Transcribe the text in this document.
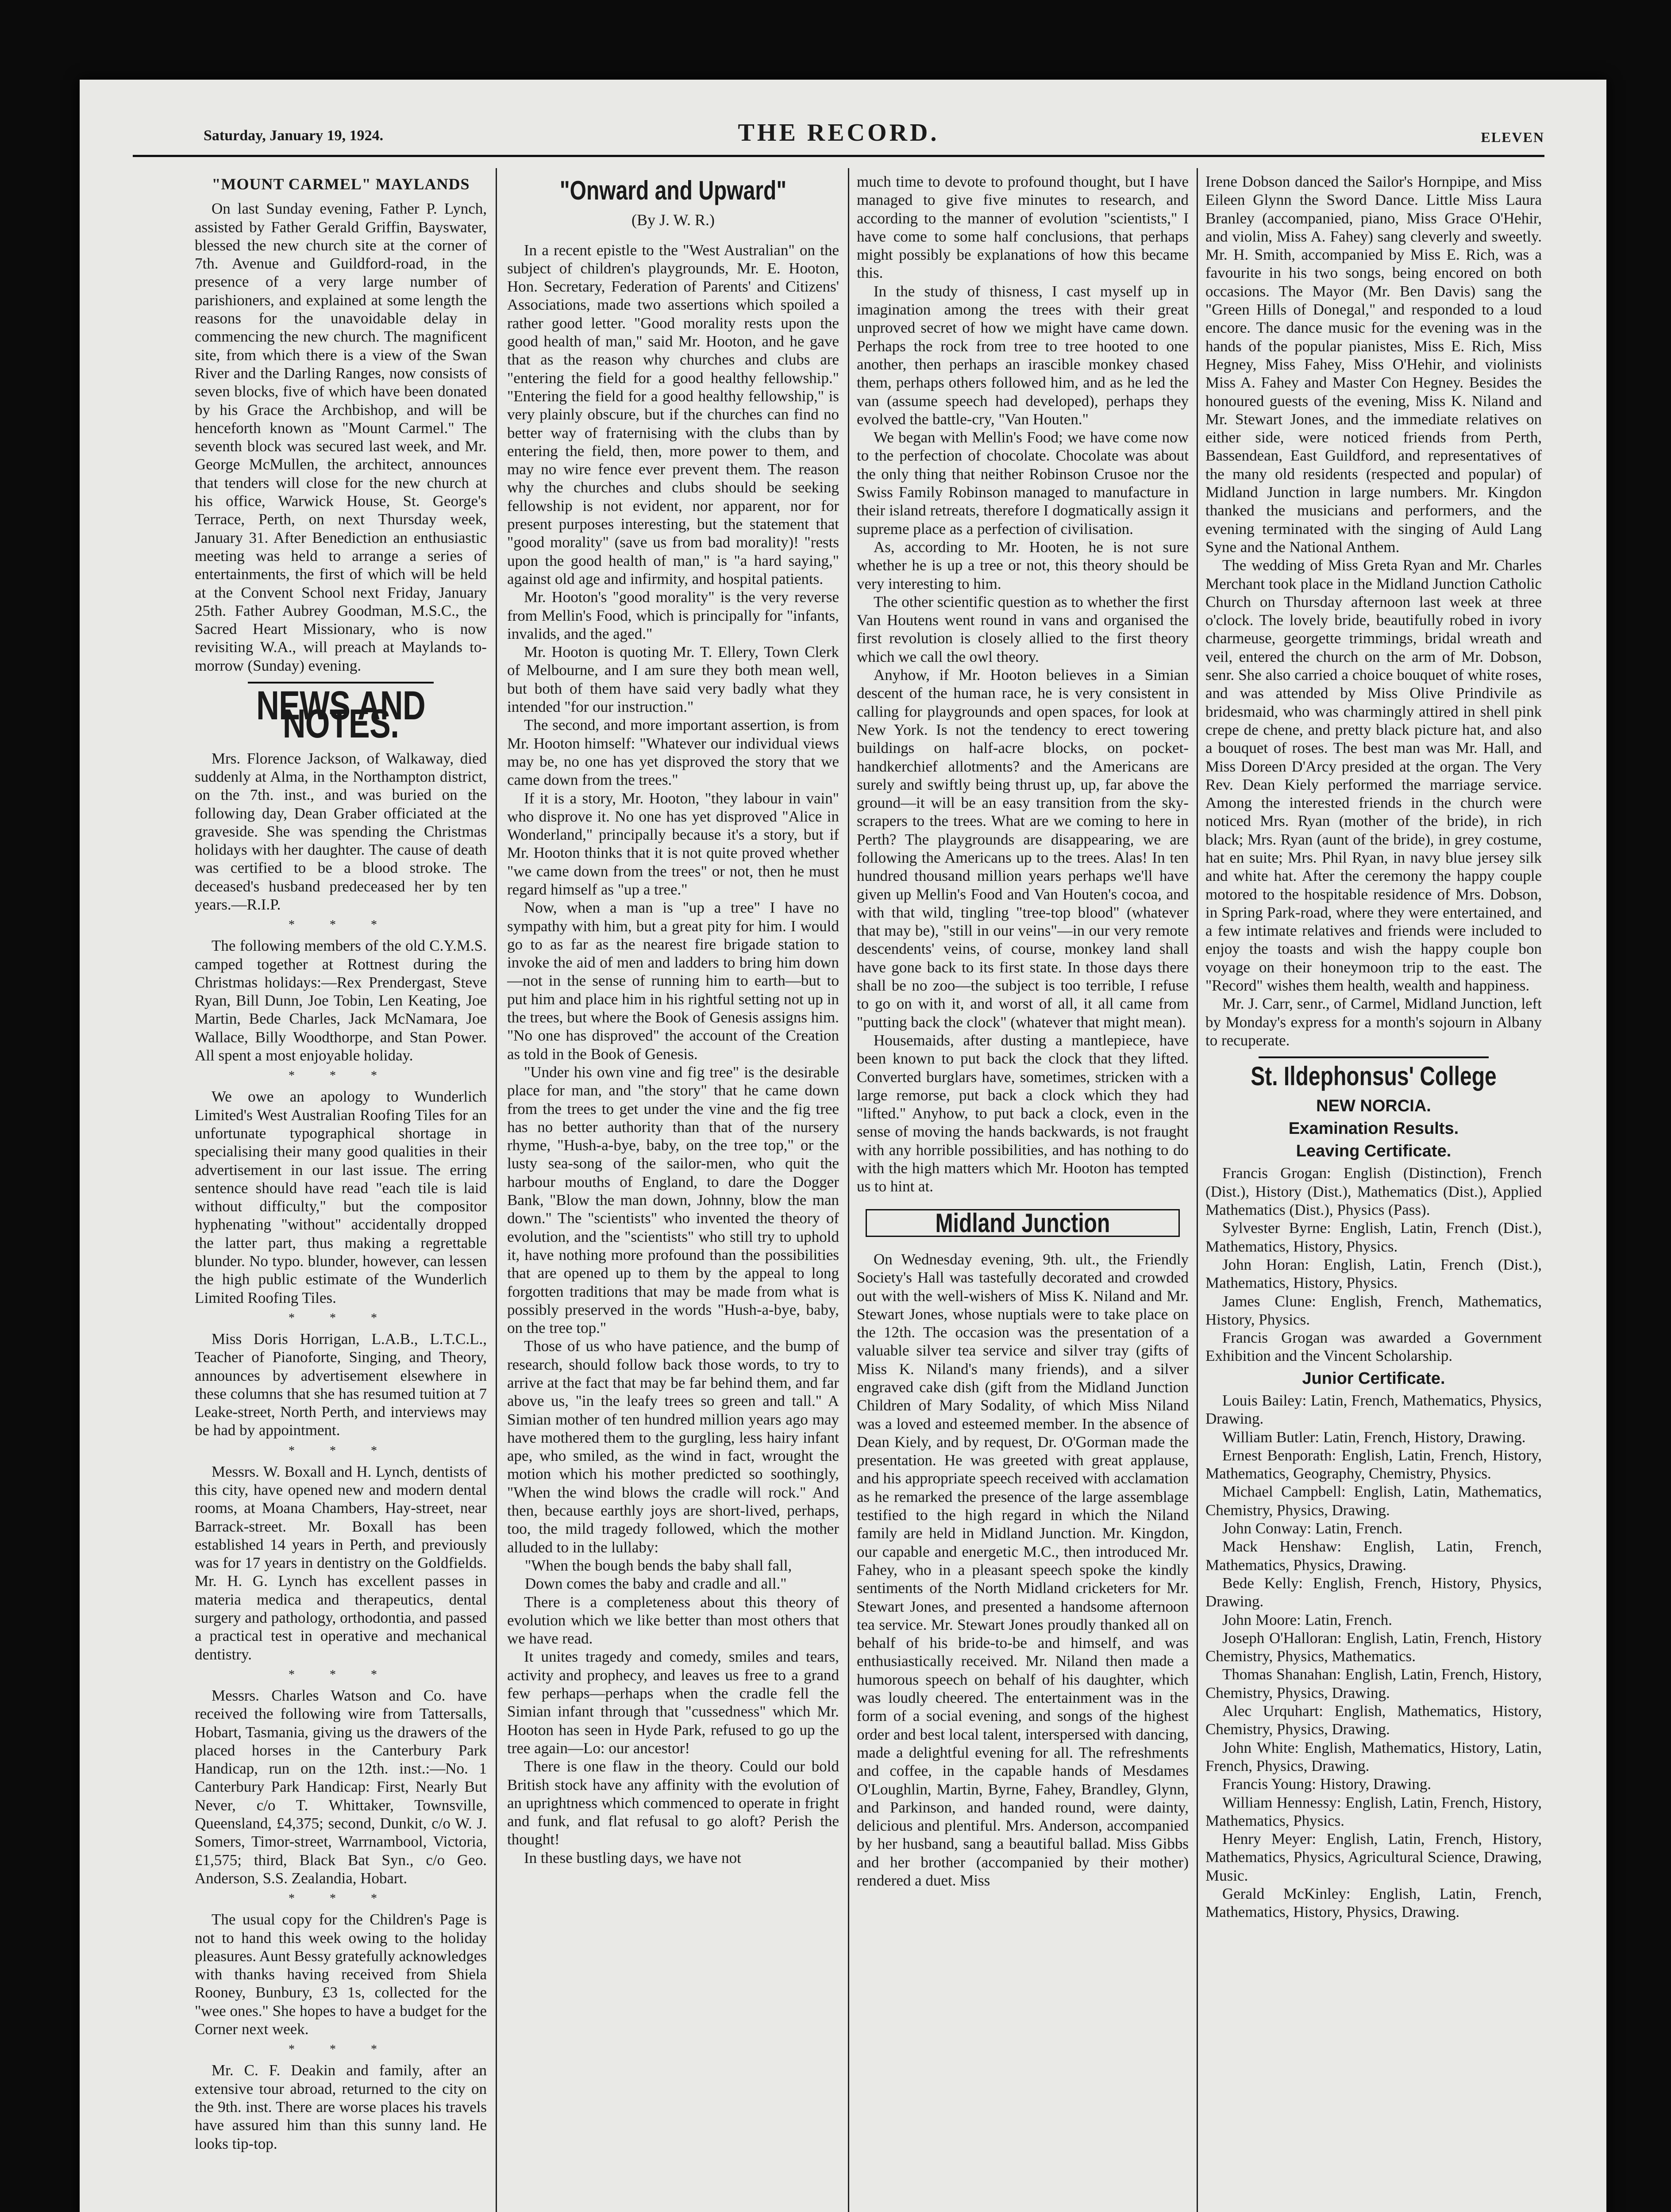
Saturday, January 19, 1924.	THE RECORD.	ELEVEN
"MOUNT CARMEL" MAYLANDS

On last Sunday evening, Father P. Lynch, assisted by Father Gerald Griffin, Bayswater, blessed the new church site at the corner of 7th. Avenue and Guildford-road, in the presence of a very large number of parishioners, and explained at some length the reasons for the unavoidable delay in commencing the new church. The magnificent site, from which there is a view of the Swan River and the Darling Ranges, now consists of seven blocks, five of which have been donated by his Grace the Archbishop, and will be henceforth known as "Mount Carmel." The seventh block was secured last week, and Mr. George McMullen, the architect, announces that tenders will close for the new church at his office, Warwick House, St. George's Terrace, Perth, on next Thursday week, January 31. After Benediction an enthusiastic meeting was held to arrange a series of entertainments, the first of which will be held at the Convent School next Friday, January 25th. Father Aubrey Goodman, M.S.C., the Sacred Heart Missionary, who is now revisiting W.A., will preach at Maylands to-morrow (Sunday) evening.

NEWS AND NOTES.

Mrs. Florence Jackson, of Walkaway, died suddenly at Alma, in the Northampton district, on the 7th. inst., and was buried on the following day, Dean Graber officiated at the graveside. She was spending the Christmas holidays with her daughter. The cause of death was certified to be a blood stroke. The deceased's husband predeceased her by ten years.—R.I.P.

* * *

The following members of the old C.Y.M.S. camped together at Rottnest during the Christmas holidays:—Rex Prendergast, Steve Ryan, Bill Dunn, Joe Tobin, Len Keating, Joe Martin, Bede Charles, Jack McNamara, Joe Wallace, Billy Woodthorpe, and Stan Power. All spent a most enjoyable holiday.

* * *

We owe an apology to Wunderlich Limited's West Australian Roofing Tiles for an unfortunate typographical shortage in specialising their many good qualities in their advertisement in our last issue. The erring sentence should have read "each tile is laid without difficulty," but the compositor hyphenating "without" accidentally dropped the latter part, thus making a regrettable blunder. No typo. blunder, however, can lessen the high public estimate of the Wunderlich Limited Roofing Tiles.

* * *

Miss Doris Horrigan, L.A.B., L.T.C.L., Teacher of Pianoforte, Singing, and Theory, announces by advertisement elsewhere in these columns that she has resumed tuition at 7 Leake-street, North Perth, and interviews may be had by appointment.

* * *

Messrs. W. Boxall and H. Lynch, dentists of this city, have opened new and modern dental rooms, at Moana Chambers, Hay-street, near Barrack-street. Mr. Boxall has been established 14 years in Perth, and previously was for 17 years in dentistry on the Goldfields. Mr. H. G. Lynch has excellent passes in materia medica and therapeutics, dental surgery and pathology, orthodontia, and passed a practical test in operative and mechanical dentistry.

* * *

Messrs. Charles Watson and Co. have received the following wire from Tattersalls, Hobart, Tasmania, giving us the drawers of the placed horses in the Canterbury Park Handicap, run on the 12th. inst.:—No. 1 Canterbury Park Handicap: First, Nearly But Never, c/o T. Whittaker, Townsville, Queensland, £4,375; second, Dunkit, c/o W. J. Somers, Timor-street, Warrnambool, Victoria, £1,575; third, Black Bat Syn., c/o Geo. Anderson, S.S. Zealandia, Hobart.

* * *

The usual copy for the Children's Page is not to hand this week owing to the holiday pleasures. Aunt Bessy gratefully acknowledges with thanks having received from Shiela Rooney, Bunbury, £3 1s, collected for the "wee ones." She hopes to have a budget for the Corner next week.

* * *

Mr. C. F. Deakin and family, after an extensive tour abroad, returned to the city on the 9th. inst. There are worse places his travels have assured him than this sunny land. He looks tip-top.

"Onward and Upward"
(By J. W. R.)

In a recent epistle to the "West Australian" on the subject of children's playgrounds, Mr. E. Hooton, Hon. Secretary, Federation of Parents' and Citizens' Associations, made two assertions which spoiled a rather good letter. "Good morality rests upon the good health of man," said Mr. Hooton, and he gave that as the reason why churches and clubs are "entering the field for a good healthy fellowship." "Entering the field for a good healthy fellowship," is very plainly obscure, but if the churches can find no better way of fraternising with the clubs than by entering the field, then, more power to them, and may no wire fence ever prevent them. The reason why the churches and clubs should be seeking fellowship is not evident, nor apparent, nor for present purposes interesting, but the statement that "good morality" (save us from bad morality)! "rests upon the good health of man," is "a hard saying," against old age and infirmity, and hospital patients.

Mr. Hooton's "good morality" is the very reverse from Mellin's Food, which is principally for "infants, invalids, and the aged."

Mr. Hooton is quoting Mr. T. Ellery, Town Clerk of Melbourne, and I am sure they both mean well, but both of them have said very badly what they intended "for our instruction."

The second, and more important assertion, is from Mr. Hooton himself: "Whatever our individual views may be, no one has yet disproved the story that we came down from the trees."

If it is a story, Mr. Hooton, "they labour in vain" who disprove it. No one has yet disproved "Alice in Wonderland," principally because it's a story, but if Mr. Hooton thinks that it is not quite proved whether "we came down from the trees" or not, then he must regard himself as "up a tree."

Now, when a man is "up a tree" I have no sympathy with him, but a great pity for him. I would go to as far as the nearest fire brigade station to invoke the aid of men and ladders to bring him down—not in the sense of running him to earth—but to put him and place him in his rightful setting not up in the trees, but where the Book of Genesis assigns him. "No one has disproved" the account of the Creation as told in the Book of Genesis.

"Under his own vine and fig tree" is the desirable place for man, and "the story" that he came down from the trees to get under the vine and the fig tree has no better authority than that of the nursery rhyme, "Hush-a-bye, baby, on the tree top," or the lusty sea-song of the sailor-men, who quit the harbour mouths of England, to dare the Dogger Bank, "Blow the man down, Johnny, blow the man down." The "scientists" who invented the theory of evolution, and the "scientists" who still try to uphold it, have nothing more profound than the possibilities that are opened up to them by the appeal to long forgotten traditions that may be made from what is possibly preserved in the words "Hush-a-bye, baby, on the tree top."

Those of us who have patience, and the bump of research, should follow back those words, to try to arrive at the fact that may be far behind them, and far above us, "in the leafy trees so green and tall." A Simian mother of ten hundred million years ago may have mothered them to the gurgling, less hairy infant ape, who smiled, as the wind in fact, wrought the motion which his mother predicted so soothingly, "When the wind blows the cradle will rock." And then, because earthly joys are short-lived, perhaps, too, the mild tragedy followed, which the mother alluded to in the lullaby:

"When the bough bends the baby shall fall,

Down comes the baby and cradle and all."

There is a completeness about this theory of evolution which we like better than most others that we have read.

It unites tragedy and comedy, smiles and tears, activity and prophecy, and leaves us free to a grand few perhaps—perhaps when the cradle fell the Simian infant through that "cussedness" which Mr. Hooton has seen in Hyde Park, refused to go up the tree again—Lo: our ancestor!

There is one flaw in the theory. Could our bold British stock have any affinity with the evolution of an uprightness which commenced to operate in fright and funk, and flat refusal to go aloft? Perish the thought!

In these bustling days, we have not

much time to devote to profound thought, but I have managed to give five minutes to research, and according to the manner of evolution "scientists," I have come to some half conclusions, that perhaps might possibly be explanations of how this became this.

In the study of thisness, I cast myself up in imagination among the trees with their great unproved secret of how we might have came down. Perhaps the rock from tree to tree hooted to one another, then perhaps an irascible monkey chased them, perhaps others followed him, and as he led the van (assume speech had developed), perhaps they evolved the battle-cry, "Van Houten."

We began with Mellin's Food; we have come now to the perfection of chocolate. Chocolate was about the only thing that neither Robinson Crusoe nor the Swiss Family Robinson managed to manufacture in their island retreats, therefore I dogmatically assign it supreme place as a perfection of civilisation.

As, according to Mr. Hooten, he is not sure whether he is up a tree or not, this theory should be very interesting to him.

The other scientific question as to whether the first Van Houtens went round in vans and organised the first revolution is closely allied to the first theory which we call the owl theory.

Anyhow, if Mr. Hooton believes in a Simian descent of the human race, he is very consistent in calling for playgrounds and open spaces, for look at New York. Is not the tendency to erect towering buildings on half-acre blocks, on pocket-handkerchief allotments? and the Americans are surely and swiftly being thrust up, up, far above the ground—it will be an easy transition from the sky-scrapers to the trees. What are we coming to here in Perth? The playgrounds are disappearing, we are following the Americans up to the trees. Alas! In ten hundred thousand million years perhaps we'll have given up Mellin's Food and Van Houten's cocoa, and with that wild, tingling "tree-top blood" (whatever that may be), "still in our veins"—in our very remote descendents' veins, of course, monkey land shall have gone back to its first state. In those days there shall be no zoo—the subject is too terrible, I refuse to go on with it, and worst of all, it all came from "putting back the clock" (whatever that might mean).

Housemaids, after dusting a mantlepiece, have been known to put back the clock that they lifted. Converted burglars have, sometimes, stricken with a large remorse, put back a clock which they had "lifted." Anyhow, to put back a clock, even in the sense of moving the hands backwards, is not fraught with any horrible possibilities, and has nothing to do with the high matters which Mr. Hooton has tempted us to hint at.

Midland Junction

On Wednesday evening, 9th. ult., the Friendly Society's Hall was tastefully decorated and crowded out with the well-wishers of Miss K. Niland and Mr. Stewart Jones, whose nuptials were to take place on the 12th. The occasion was the presentation of a valuable silver tea service and silver tray (gifts of Miss K. Niland's many friends), and a silver engraved cake dish (gift from the Midland Junction Children of Mary Sodality, of which Miss Niland was a loved and esteemed member. In the absence of Dean Kiely, and by request, Dr. O'Gorman made the presentation. He was greeted with great applause, and his appropriate speech received with acclamation as he remarked the presence of the large assemblage testified to the high regard in which the Niland family are held in Midland Junction. Mr. Kingdon, our capable and energetic M.C., then introduced Mr. Fahey, who in a pleasant speech spoke the kindly sentiments of the North Midland cricketers for Mr. Stewart Jones, and presented a handsome afternoon tea service. Mr. Stewart Jones proudly thanked all on behalf of his bride-to-be and himself, and was enthusiastically received. Mr. Niland then made a humorous speech on behalf of his daughter, which was loudly cheered. The entertainment was in the form of a social evening, and songs of the highest order and best local talent, interspersed with dancing, made a delightful evening for all. The refreshments and coffee, in the capable hands of Mesdames O'Loughlin, Martin, Byrne, Fahey, Brandley, Glynn, and Parkinson, and handed round, were dainty, delicious and plentiful. Mrs. Anderson, accompanied by her husband, sang a beautiful ballad. Miss Gibbs and her brother (accompanied by their mother) rendered a duet. Miss

Irene Dobson danced the Sailor's Hornpipe, and Miss Eileen Glynn the Sword Dance. Little Miss Laura Branley (accompanied, piano, Miss Grace O'Hehir, and violin, Miss A. Fahey) sang cleverly and sweetly. Mr. H. Smith, accompanied by Miss E. Rich, was a favourite in his two songs, being encored on both occasions. The Mayor (Mr. Ben Davis) sang the "Green Hills of Donegal," and responded to a loud encore. The dance music for the evening was in the hands of the popular pianistes, Miss E. Rich, Miss Hegney, Miss Fahey, Miss O'Hehir, and violinists Miss A. Fahey and Master Con Hegney. Besides the honoured guests of the evening, Miss K. Niland and Mr. Stewart Jones, and the immediate relatives on either side, were noticed friends from Perth, Bassendean, East Guildford, and representatives of the many old residents (respected and popular) of Midland Junction in large numbers. Mr. Kingdon thanked the musicians and performers, and the evening terminated with the singing of Auld Lang Syne and the National Anthem.

The wedding of Miss Greta Ryan and Mr. Charles Merchant took place in the Midland Junction Catholic Church on Thursday afternoon last week at three o'clock. The lovely bride, beautifully robed in ivory charmeuse, georgette trimmings, bridal wreath and veil, entered the church on the arm of Mr. Dobson, senr. She also carried a choice bouquet of white roses, and was attended by Miss Olive Prindivile as bridesmaid, who was charmingly attired in shell pink crepe de chene, and pretty black picture hat, and also a bouquet of roses. The best man was Mr. Hall, and Miss Doreen D'Arcy presided at the organ. The Very Rev. Dean Kiely performed the marriage service. Among the interested friends in the church were noticed Mrs. Ryan (mother of the bride), in rich black; Mrs. Ryan (aunt of the bride), in grey costume, hat en suite; Mrs. Phil Ryan, in navy blue jersey silk and white hat. After the ceremony the happy couple motored to the hospitable residence of Mrs. Dobson, in Spring Park-road, where they were entertained, and a few intimate relatives and friends were included to enjoy the toasts and wish the happy couple bon voyage on their honeymoon trip to the east. The "Record" wishes them health, wealth and happiness.

Mr. J. Carr, senr., of Carmel, Midland Junction, left by Monday's express for a month's sojourn in Albany to recuperate.

St. Ildephonsus' College
NEW NORCIA.
Examination Results.
Leaving Certificate.

Francis Grogan: English (Distinction), French (Dist.), History (Dist.), Mathematics (Dist.), Applied Mathematics (Dist.), Physics (Pass).

Sylvester Byrne: English, Latin, French (Dist.), Mathematics, History, Physics.

John Horan: English, Latin, French (Dist.), Mathematics, History, Physics.

James Clune: English, French, Mathematics, History, Physics.

Francis Grogan was awarded a Government Exhibition and the Vincent Scholarship.

Junior Certificate.

Louis Bailey: Latin, French, Mathematics, Physics, Drawing.

William Butler: Latin, French, History, Drawing.

Ernest Benporath: English, Latin, French, History, Mathematics, Geography, Chemistry, Physics.

Michael Campbell: English, Latin, Mathematics, Chemistry, Physics, Drawing.

John Conway: Latin, French.

Mack Henshaw: English, Latin, French, Mathematics, Physics, Drawing.

Bede Kelly: English, French, History, Physics, Drawing.

John Moore: Latin, French.

Joseph O'Halloran: English, Latin, French, History Chemistry, Physics, Mathematics.

Thomas Shanahan: English, Latin, French, History, Chemistry, Physics, Drawing.

Alec Urquhart: English, Mathematics, History, Chemistry, Physics, Drawing.

John White: English, Mathematics, History, Latin, French, Physics, Drawing.

Francis Young: History, Drawing.

William Hennessy: English, Latin, French, History, Mathematics, Physics.

Henry Meyer: English, Latin, French, History, Mathematics, Physics, Agricultural Science, Drawing, Music.

Gerald McKinley: English, Latin, French, Mathematics, History, Physics, Drawing.
